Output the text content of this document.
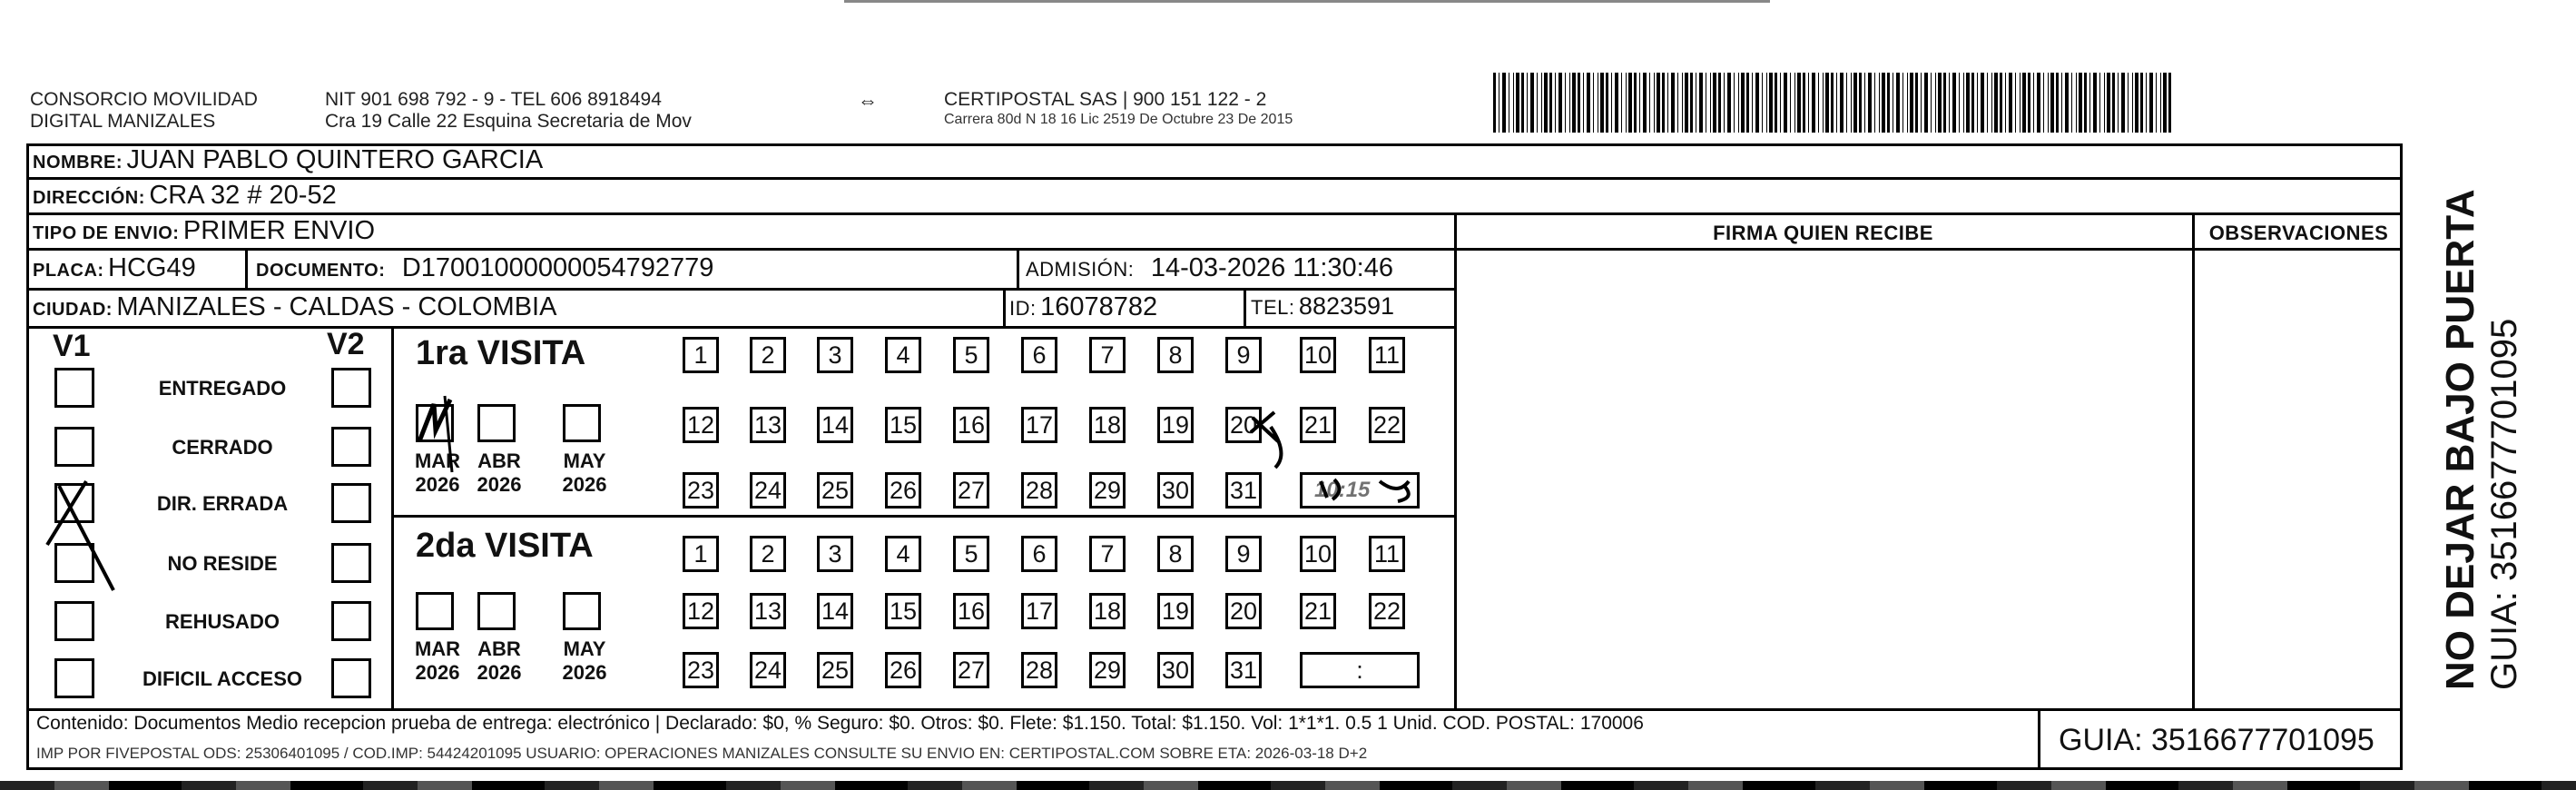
CONSORCIO MOVILIDAD
DIGITAL MANIZALES
NIT 901 698 792 - 9 - TEL 606 8918494
Cra 19 Calle 22 Esquina Secretaria de Mov
⇔	CERTIPOSTAL SAS | 900 151 122 - 2
Carrera 80d N 18 16 Lic 2519 De Octubre 23 De 2015
NOMBRE: JUAN PABLO QUINTERO GARCIA
DIRECCIÓN: CRA 32 # 20-52
TIPO DE ENVIO: PRIMER ENVIO
PLACA: HCG49	DOCUMENTO: D17001000000054792779	ADMISIÓN: 14-03-2026 11:30:46
CIUDAD: MANIZALES - CALDAS - COLOMBIA	ID: 16078782	TEL: 8823591
FIRMA QUIEN RECIBE	OBSERVACIONES
V1	V2
ENTREGADO
CERRADO
DIR. ERRADA
NO RESIDE
REHUSADO
DIFICIL ACCESO
1ra VISITA
2da VISITA
1	2	3	4	5	6	7	8	9	10 11
12 13 14 15 16 17 18 19 20 21 22
23 24 25 26 27 28 29 30 31	10:15
MAR
2026
ABR
2026
MAY
2026
1	2	3	4	5	6	7	8	9	10 11
12 13 14 15 16 17 18 19 20 21 22
23 24 25 26 27 28 29 30 31	:
MAR
2026
ABR
2026
MAY
2026
Contenido: Documentos Medio recepcion prueba de entrega: electrónico | Declarado: $0, % Seguro: $0. Otros: $0. Flete: $1.150. Total: $1.150. Vol: 1*1*1. 0.5 1 Unid. COD. POSTAL: 170006
IMP POR FIVEPOSTAL ODS: 25306401095 / COD.IMP: 54424201095 USUARIO: OPERACIONES MANIZALES CONSULTE SU ENVIO EN: CERTIPOSTAL.COM SOBRE ETA: 2026-03-18 D+2	GUIA: 3516677701095
NO DEJAR BAJO PUERTA GUIA: 3516677701095
